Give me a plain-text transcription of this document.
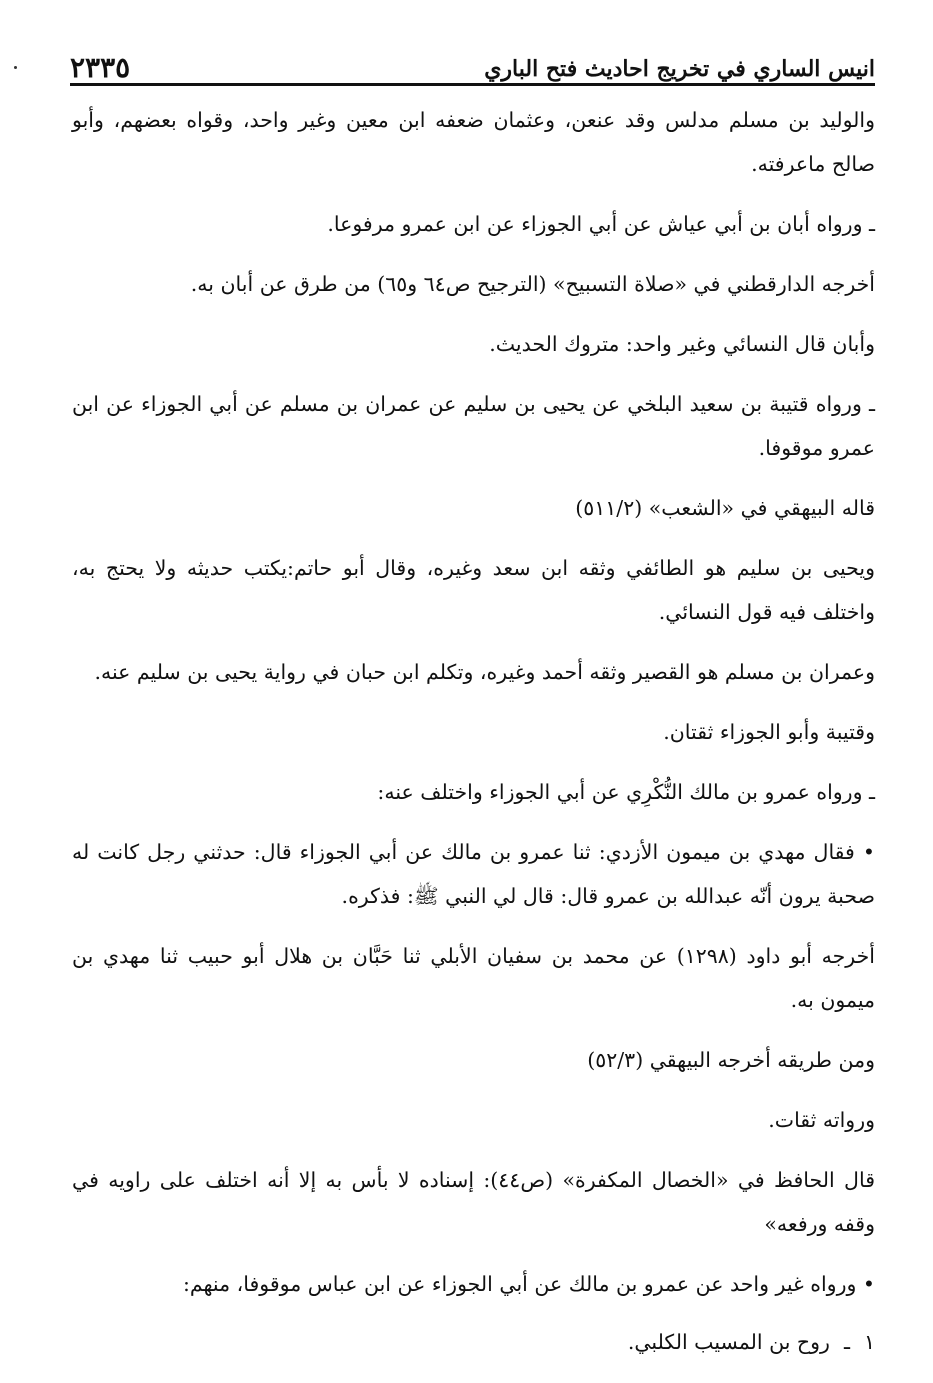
انيس الساري في تخريج احاديث فتح الباري
٢٣٣٥

والوليد بن مسلم مدلس وقد عنعن، وعثمان ضعفه ابن معين وغير واحد، وقواه بعضهم، وأبو صالح ماعرفته.

ـ ورواه أبان بن أبي عياش عن أبي الجوزاء عن ابن عمرو مرفوعا.

أخرجه الدارقطني في «صلاة التسبيح» (الترجيح ص٦٤ و٦٥) من طرق عن أبان به.

وأبان قال النسائي وغير واحد: متروك الحديث.

ـ ورواه قتيبة بن سعيد البلخي عن يحيى بن سليم عن عمران بن مسلم عن أبي الجوزاء عن ابن عمرو موقوفا.

قاله البيهقي في «الشعب» (٥١١/٢)

ويحيى بن سليم هو الطائفي وثقه ابن سعد وغيره، وقال أبو حاتم:يكتب حديثه ولا يحتج به، واختلف فيه قول النسائي.

وعمران بن مسلم هو القصير وثقه أحمد وغيره، وتكلم ابن حبان في رواية يحيى بن سليم عنه.

وقتيبة وأبو الجوزاء ثقتان.

ـ ورواه عمرو بن مالك النُّكْرِي عن أبي الجوزاء واختلف عنه:

• فقال مهدي بن ميمون الأزدي: ثنا عمرو بن مالك عن أبي الجوزاء قال: حدثني رجل كانت له صحبة يرون أنّه عبدالله بن عمرو قال: قال لي النبي ﷺ: فذكره.

أخرجه أبو داود (١٢٩٨) عن محمد بن سفيان الأبلي ثنا حَبَّان بن هلال أبو حبيب ثنا مهدي بن ميمون به.

ومن طريقه أخرجه البيهقي (٥٢/٣)

ورواته ثقات.

قال الحافظ في «الخصال المكفرة» (ص٤٤): إسناده لا بأس به إلا أنه اختلف على راويه في وقفه ورفعه»

• ورواه غير واحد عن عمرو بن مالك عن أبي الجوزاء عن ابن عباس موقوفا، منهم:

١
ـ
روح بن المسيب الكلبي.
